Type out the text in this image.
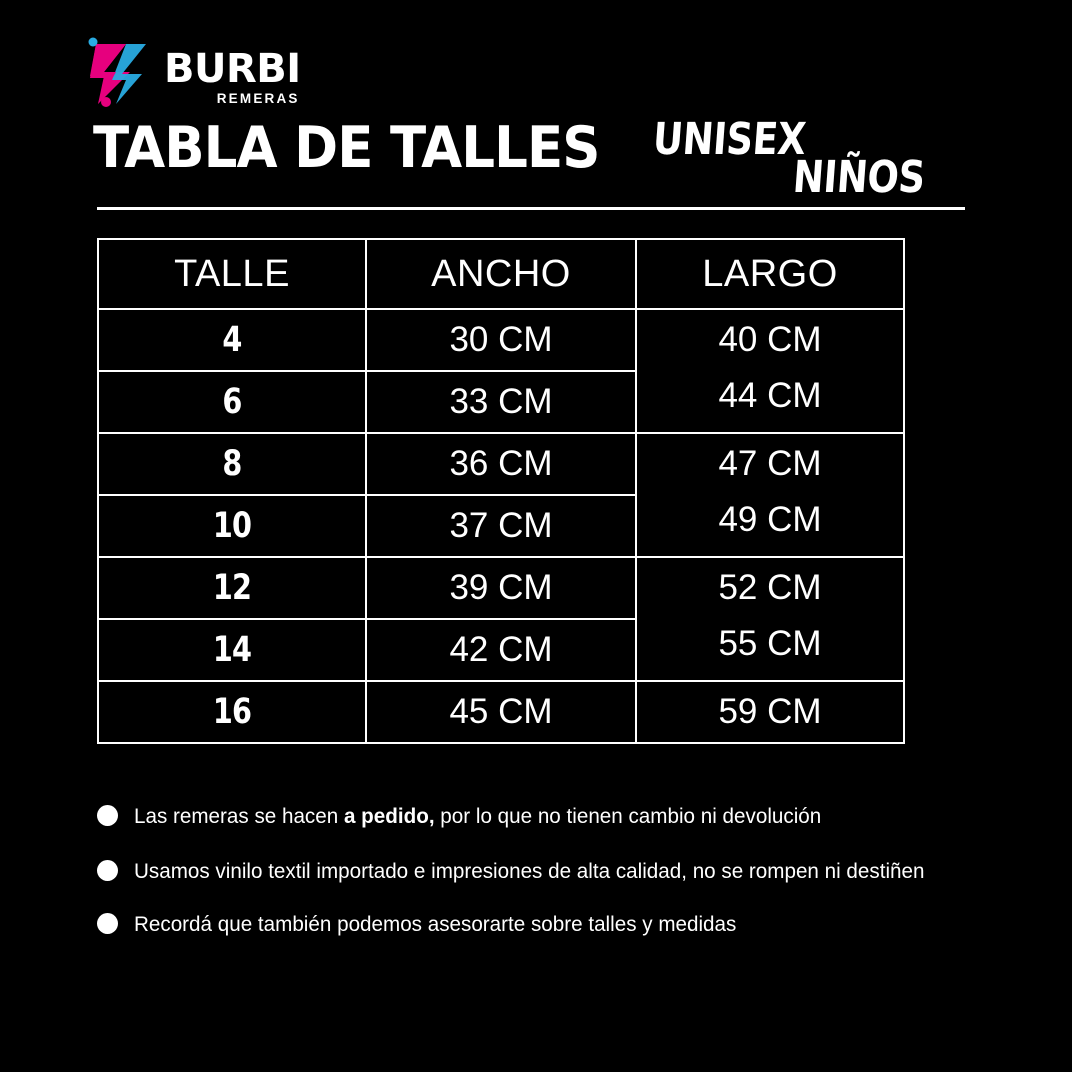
BURBI
REMERAS
TABLA DE TALLES UNISEX
NIÑOS
TALLE	ANCHO	LARGO
4	30 CM	40 CM
6	33 CM	44 CM
8	36 CM	47 CM
10	37 CM	49 CM
12	39 CM	52 CM
14	42 CM	55 CM
16	45 CM	59 CM
Las remeras se hacen a pedido, por lo que no tienen cambio ni devolución
Usamos vinilo textil importado e impresiones de alta calidad, no se rompen ni destiñen
Recordá que también podemos asesorarte sobre talles y medidas
